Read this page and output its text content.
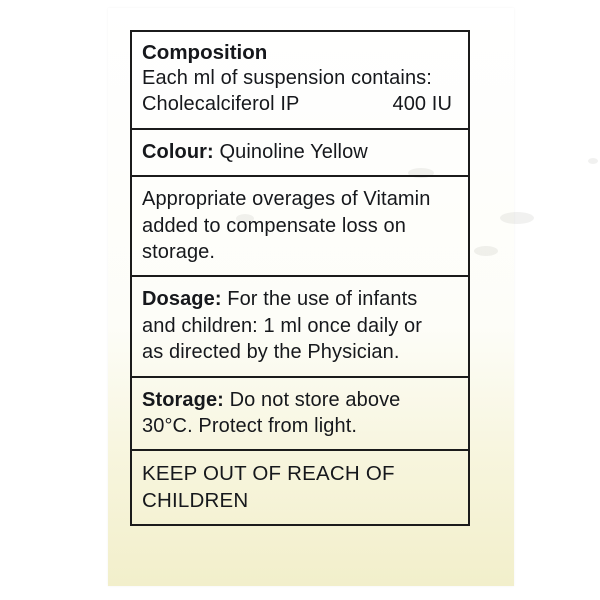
Composition
Each ml of suspension contains:
Cholecalciferol IP	400 IU
Colour: Quinoline Yellow
Appropriate overages of Vitamin
added to compensate loss on
storage.
Dosage: For the use of infants
and children: 1 ml once daily or
as directed by the Physician.
Storage: Do not store above
30°C. Protect from light.
KEEP OUT OF REACH OF
CHILDREN
